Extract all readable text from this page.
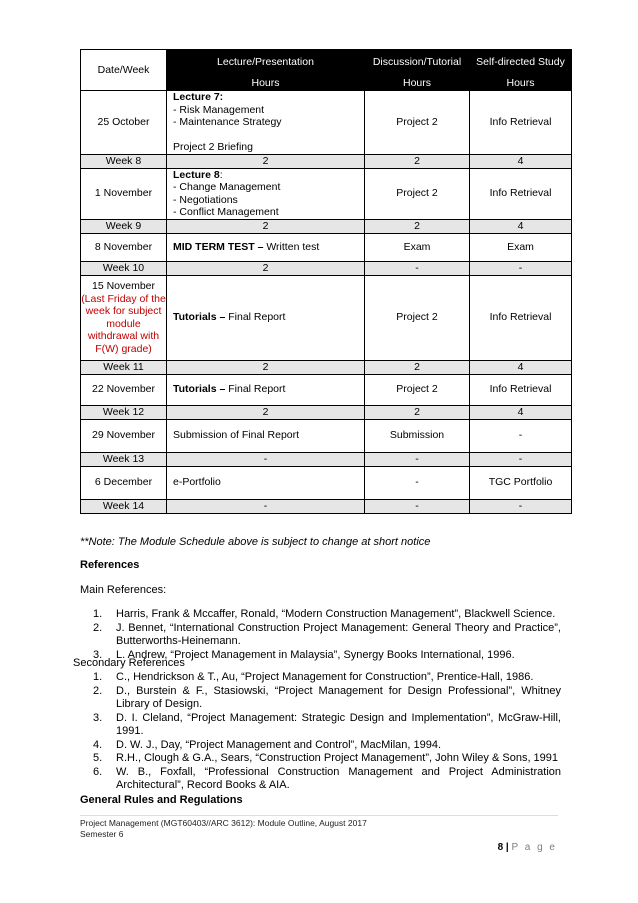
Date/Week	Lecture/Presentation	Discussion/Tutorial	Self-directed Study
	Hours	Hours	Hours
25 October	Lecture 7:
- Risk Management
- Maintenance Strategy
Project 2 Briefing	Project 2	Info Retrieval
Week 8	2	2	4
1 November	Lecture 8:
- Change Management
- Negotiations
- Conflict Management	Project 2	Info Retrieval
Week 9	2	2	4
8 November	MID TERM TEST – Written test	Exam	Exam
Week 10	2	-	-

15 November
(Last Friday of the week for subject module withdrawal with F(W) grade)	Tutorials – Final Report	Project 2	Info Retrieval
Week 11	2	2	4
22 November	Tutorials – Final Report	Project 2	Info Retrieval
Week 12	2	2	4
29 November	Submission of Final Report	Submission	-
Week 13	-	-	-
6 December	e-Portfolio	-	TGC Portfolio
Week 14	-	-	-
**Note: The Module Schedule above is subject to change at short notice
References
Main References:
1.	Harris, Frank & Mccaffer, Ronald, “Modern Construction Management”, Blackwell Science.
2.	J. Bennet, “International Construction Project Management: General Theory and Practice”, Butterworths-Heinemann.
3.	L. Andrew, “Project Management in Malaysia”, Synergy Books International, 1996.
Secondary References
1.	C., Hendrickson & T., Au, “Project Management for Construction”, Prentice-Hall, 1986.
2.	D., Burstein & F., Stasiowski, “Project Management for Design Professional”, Whitney Library of Design.
3.	D. I. Cleland, “Project Management: Strategic Design and Implementation”, McGraw-Hill, 1991.
4.	D. W. J., Day, “Project Management and Control”, MacMilan, 1994.
5.	R.H., Clough & G.A., Sears, “Construction Project Management”, John Wiley & Sons, 1991
6.	W. B., Foxfall, “Professional Construction Management and Project Administration Architectural”, Record Books & AIA.
General Rules and Regulations
Project Management (MGT60403//ARC 3612): Module Outline, August 2017
Semester 6
8 | P a g e
